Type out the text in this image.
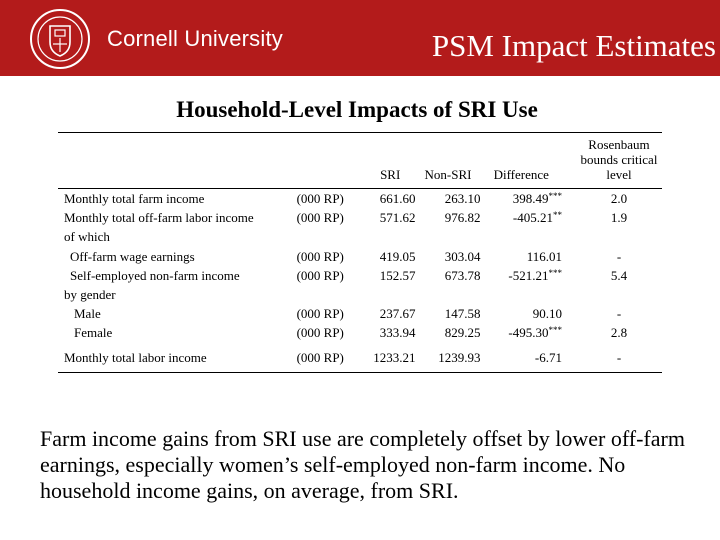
Cornell University	PSM Impact Estimates
Household-Level Impacts of SRI Use
		SRI	Non-SRI	Difference	Rosenbaum bounds critical level
Monthly total farm income	(000 RP)	661.60	263.10	398.49***	2.0
Monthly total off-farm labor income	(000 RP)	571.62	976.82	-405.21**	1.9
of which					
Off-farm wage earnings	(000 RP)	419.05	303.04	116.01	-
Self-employed non-farm income	(000 RP)	152.57	673.78	-521.21***	5.4
by gender					
Male	(000 RP)	237.67	147.58	90.10	-
Female	(000 RP)	333.94	829.25	-495.30***	2.8
Monthly total labor income	(000 RP)	1233.21	1239.93	-6.71	-
Farm income gains from SRI use are completely offset by lower off-farm earnings, especially women’s self-employed non-farm income. No household income gains, on average, from SRI.
